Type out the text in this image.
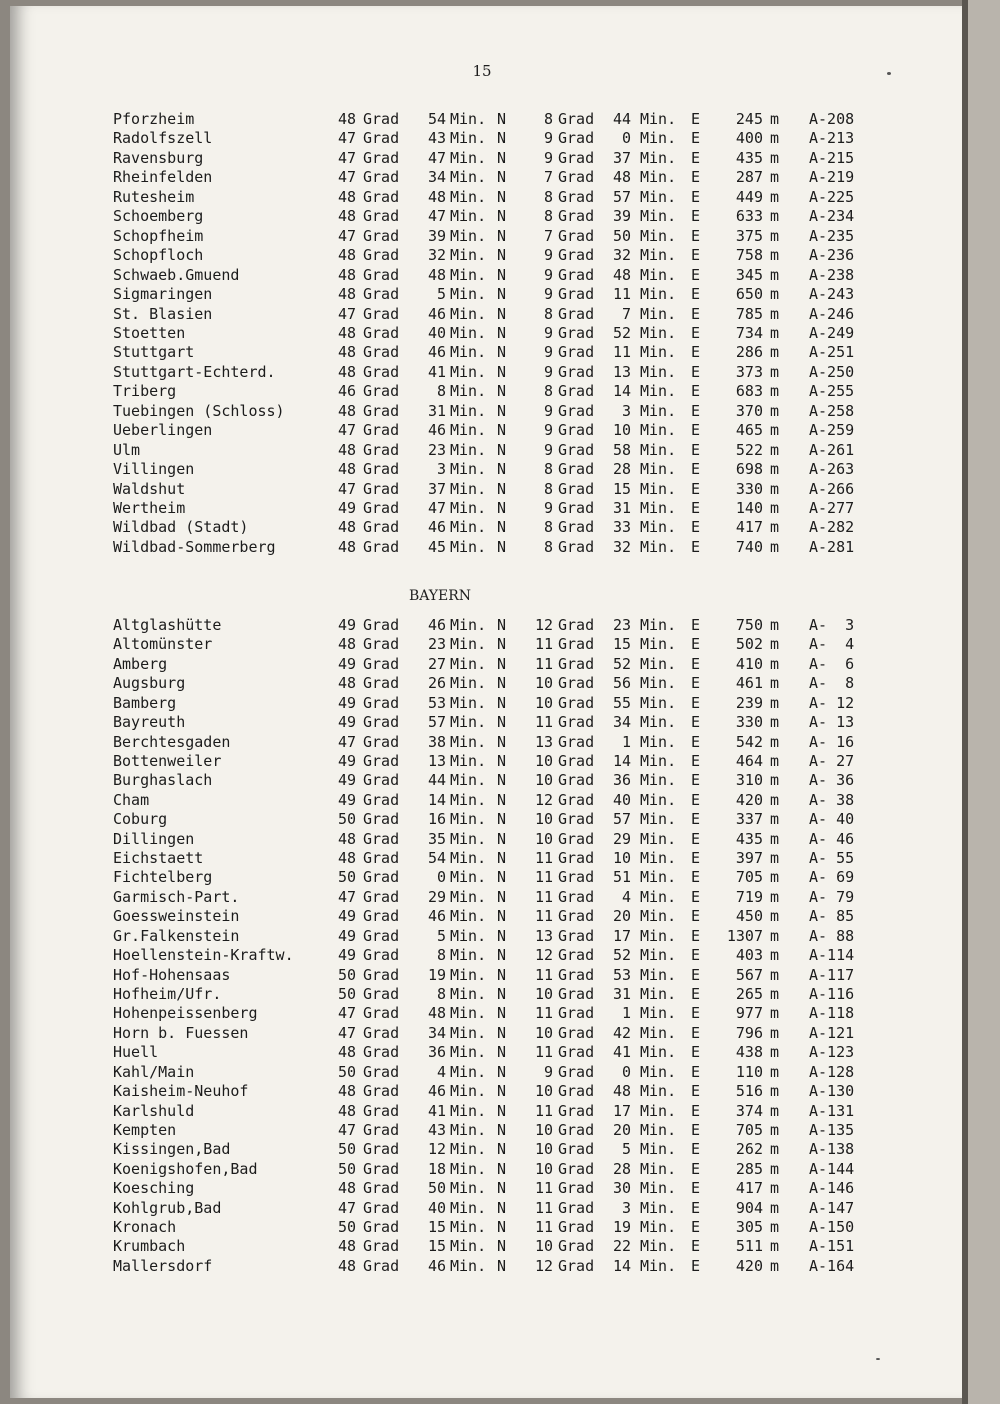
15
Pforzheim	48 Grad	54 Min. N	8 Grad	44 Min. E	245 m A-208
Radolfszell	47 Grad	43 Min. N	9 Grad	0 Min. E	400 m A-213
Ravensburg	47 Grad	47 Min. N	9 Grad	37 Min. E	435 m A-215
Rheinfelden	47 Grad	34 Min. N	7 Grad	48 Min. E	287 m A-219
Rutesheim	48 Grad	48 Min. N	8 Grad	57 Min. E	449 m A-225
Schoemberg	48 Grad	47 Min. N	8 Grad	39 Min. E	633 m A-234
Schopfheim	47 Grad	39 Min. N	7 Grad	50 Min. E	375 m A-235
Schopfloch	48 Grad	32 Min. N	9 Grad	32 Min. E	758 m A-236
Schwaeb.Gmuend	48 Grad	48 Min. N	9 Grad	48 Min. E	345 m A-238
Sigmaringen	48 Grad	5 Min. N	9 Grad	11 Min. E	650 m A-243
St. Blasien	47 Grad	46 Min. N	8 Grad	7 Min. E	785 m A-246
Stoetten	48 Grad	40 Min. N	9 Grad	52 Min. E	734 m A-249
Stuttgart	48 Grad	46 Min. N	9 Grad	11 Min. E	286 m A-251
Stuttgart-Echterd.	48 Grad	41 Min. N	9 Grad	13 Min. E	373 m A-250
Triberg	46 Grad	8 Min. N	8 Grad	14 Min. E	683 m A-255
Tuebingen (Schloss)	48 Grad	31 Min. N	9 Grad	3 Min. E	370 m A-258
Ueberlingen	47 Grad	46 Min. N	9 Grad	10 Min. E	465 m A-259
Ulm	48 Grad	23 Min. N	9 Grad	58 Min. E	522 m A-261
Villingen	48 Grad	3 Min. N	8 Grad	28 Min. E	698 m A-263
Waldshut	47 Grad	37 Min. N	8 Grad	15 Min. E	330 m A-266
Wertheim	49 Grad	47 Min. N	9 Grad	31 Min. E	140 m A-277
Wildbad (Stadt)	48 Grad	46 Min. N	8 Grad	33 Min. E	417 m A-282
Wildbad-Sommerberg	48 Grad	45 Min. N	8 Grad	32 Min. E	740 m A-281
BAYERN
Altglashütte	49 Grad	46 Min. N	12 Grad	23 Min. E	750 m A-  3
Altomünster	48 Grad	23 Min. N	11 Grad	15 Min. E	502 m A-  4
Amberg	49 Grad	27 Min. N	11 Grad	52 Min. E	410 m A-  6
Augsburg	48 Grad	26 Min. N	10 Grad	56 Min. E	461 m A-  8
Bamberg	49 Grad	53 Min. N	10 Grad	55 Min. E	239 m A- 12
Bayreuth	49 Grad	57 Min. N	11 Grad	34 Min. E	330 m A- 13
Berchtesgaden	47 Grad	38 Min. N	13 Grad	1 Min. E	542 m A- 16
Bottenweiler	49 Grad	13 Min. N	10 Grad	14 Min. E	464 m A- 27
Burghaslach	49 Grad	44 Min. N	10 Grad	36 Min. E	310 m A- 36
Cham	49 Grad	14 Min. N	12 Grad	40 Min. E	420 m A- 38
Coburg	50 Grad	16 Min. N	10 Grad	57 Min. E	337 m A- 40
Dillingen	48 Grad	35 Min. N	10 Grad	29 Min. E	435 m A- 46
Eichstaett	48 Grad	54 Min. N	11 Grad	10 Min. E	397 m A- 55
Fichtelberg	50 Grad	0 Min. N	11 Grad	51 Min. E	705 m A- 69
Garmisch-Part.	47 Grad	29 Min. N	11 Grad	4 Min. E	719 m A- 79
Goessweinstein	49 Grad	46 Min. N	11 Grad	20 Min. E	450 m A- 85
Gr.Falkenstein	49 Grad	5 Min. N	13 Grad	17 Min. E 1307 m A- 88
Hoellenstein-Kraftw.	49 Grad	8 Min. N	12 Grad	52 Min. E	403 m A-114
Hof-Hohensaas	50 Grad	19 Min. N	11 Grad	53 Min. E	567 m A-117
Hofheim/Ufr.	50 Grad	8 Min. N	10 Grad	31 Min. E	265 m A-116
Hohenpeissenberg	47 Grad	48 Min. N	11 Grad	1 Min. E	977 m A-118
Horn b. Fuessen	47 Grad	34 Min. N	10 Grad	42 Min. E	796 m A-121
Huell	48 Grad	36 Min. N	11 Grad	41 Min. E	438 m A-123
Kahl/Main	50 Grad	4 Min. N	9 Grad	0 Min. E	110 m A-128
Kaisheim-Neuhof	48 Grad	46 Min. N	10 Grad	48 Min. E	516 m A-130
Karlshuld	48 Grad	41 Min. N	11 Grad	17 Min. E	374 m A-131
Kempten	47 Grad	43 Min. N	10 Grad	20 Min. E	705 m A-135
Kissingen,Bad	50 Grad	12 Min. N	10 Grad	5 Min. E	262 m A-138
Koenigshofen,Bad	50 Grad	18 Min. N	10 Grad	28 Min. E	285 m A-144
Koesching	48 Grad	50 Min. N	11 Grad	30 Min. E	417 m A-146
Kohlgrub,Bad	47 Grad	40 Min. N	11 Grad	3 Min. E	904 m A-147
Kronach	50 Grad	15 Min. N	11 Grad	19 Min. E	305 m A-150
Krumbach	48 Grad	15 Min. N	10 Grad	22 Min. E	511 m A-151
Mallersdorf	48 Grad	46 Min. N	12 Grad	14 Min. E	420 m A-164
